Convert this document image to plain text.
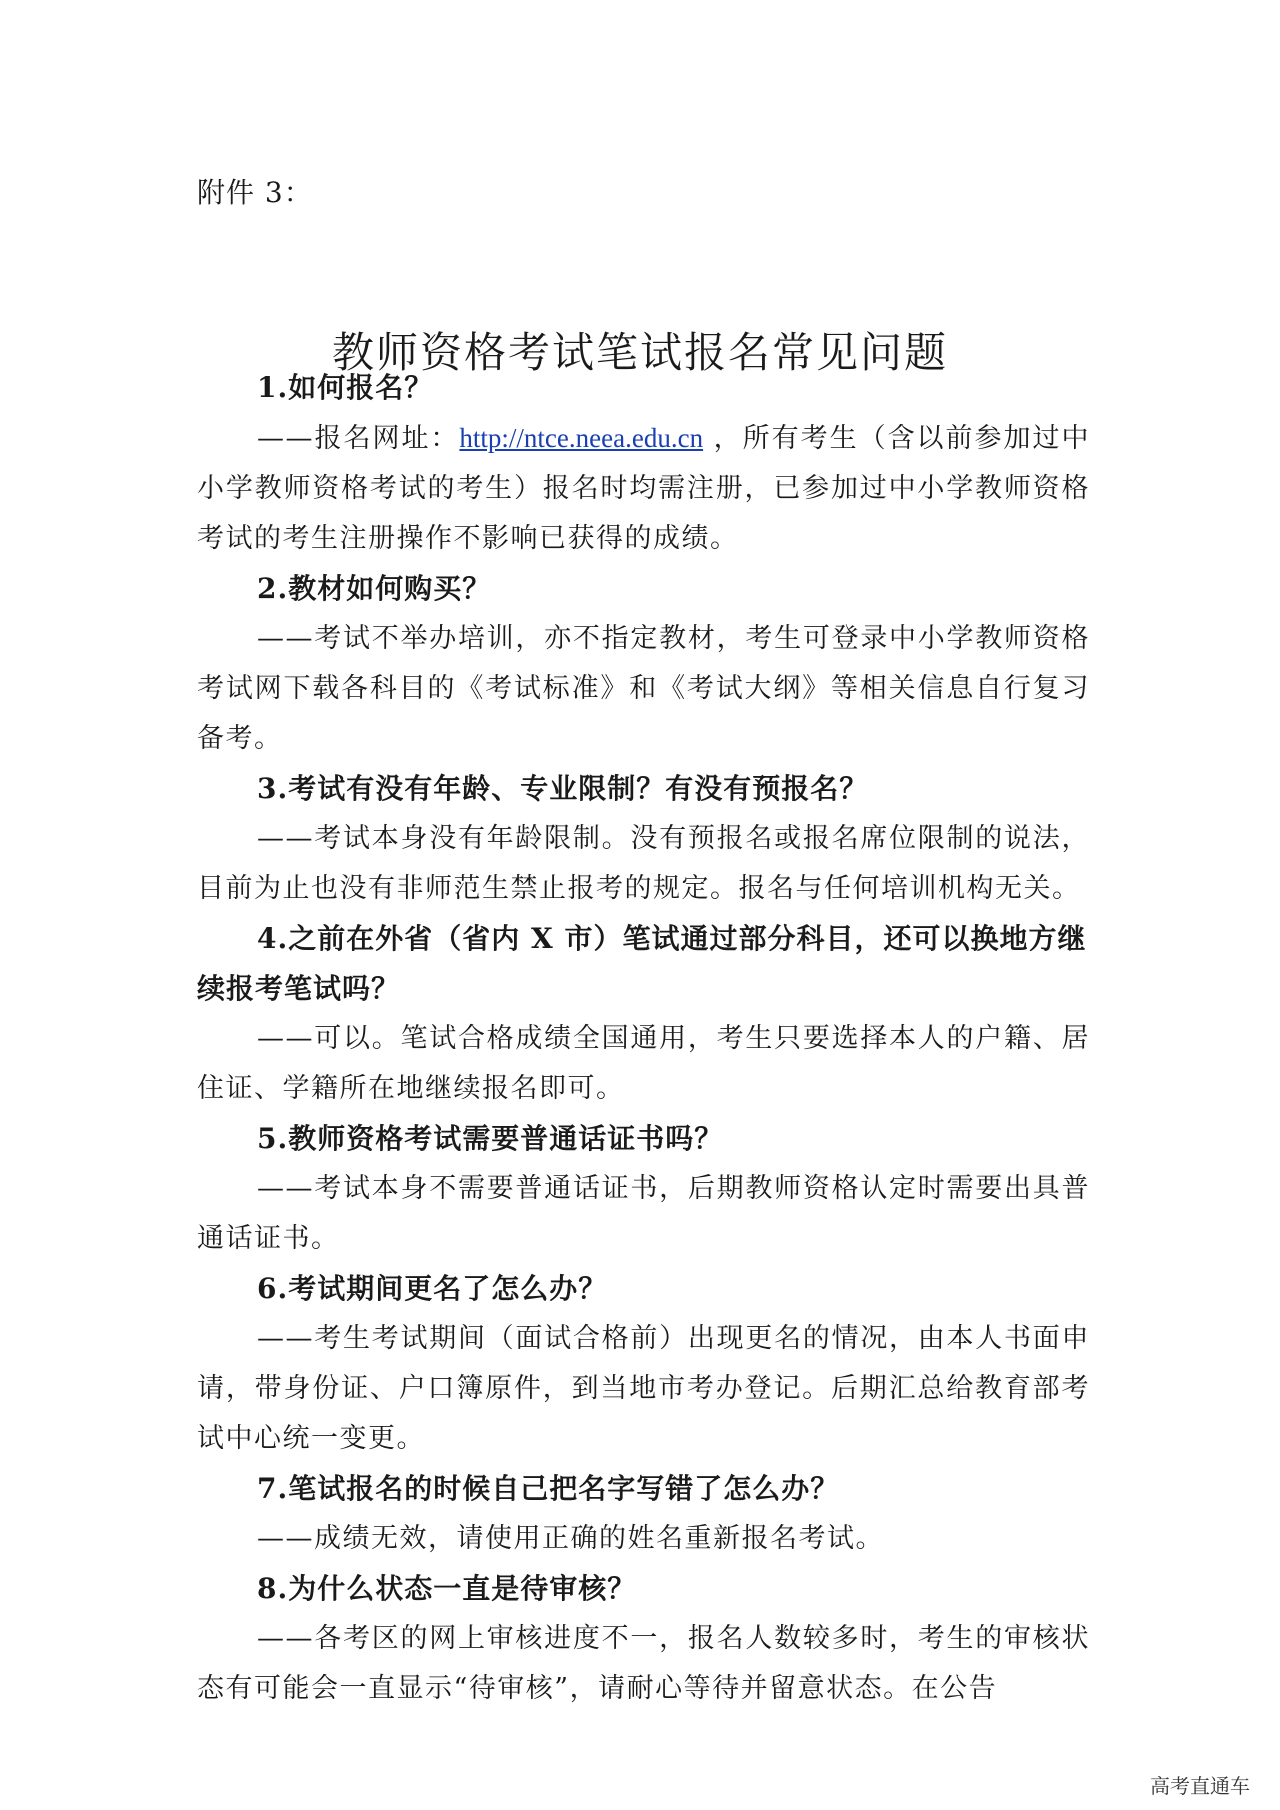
附件 3：
教师资格考试笔试报名常见问题

1.如何报名？

——报名网址：http://ntce.neea.edu.cn ，所有考生（含以前参加过中小学教师资格考试的考生）报名时均需注册，已参加过中小学教师资格考试的考生注册操作不影响已获得的成绩。

2.教材如何购买？

——考试不举办培训，亦不指定教材，考生可登录中小学教师资格考试网下载各科目的《考试标准》和《考试大纲》等相关信息自行复习备考。

3.考试有没有年龄、专业限制？有没有预报名？

——考试本身没有年龄限制。没有预报名或报名席位限制的说法，目前为止也没有非师范生禁止报考的规定。报名与任何培训机构无关。

4.之前在外省（省内 X 市）笔试通过部分科目，还可以换地方继续报考笔试吗？

——可以。笔试合格成绩全国通用，考生只要选择本人的户籍、居住证、学籍所在地继续报名即可。

5.教师资格考试需要普通话证书吗？

——考试本身不需要普通话证书，后期教师资格认定时需要出具普通话证书。

6.考试期间更名了怎么办？

——考生考试期间（面试合格前）出现更名的情况，由本人书面申请，带身份证、户口簿原件，到当地市考办登记。后期汇总给教育部考试中心统一变更。

7.笔试报名的时候自己把名字写错了怎么办？

——成绩无效，请使用正确的姓名重新报名考试。

8.为什么状态一直是待审核？

——各考区的网上审核进度不一，报名人数较多时，考生的审核状态有可能会一直显示“待审核”，请耐心等待并留意状态。在公告

高考直通车
